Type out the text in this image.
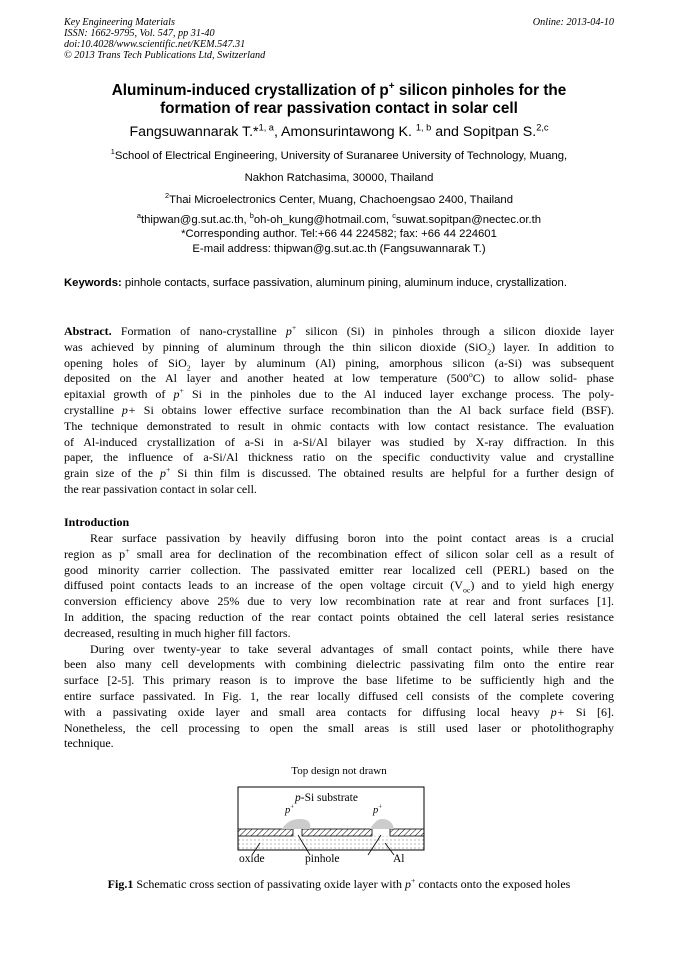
Key Engineering Materials
ISSN: 1662-9795, Vol. 547, pp 31-40
doi:10.4028/www.scientific.net/KEM.547.31
© 2013 Trans Tech Publications Ltd, Switzerland
Online: 2013-04-10
Aluminum-induced crystallization of p+ silicon pinholes for the
formation of rear passivation contact in solar cell
Fangsuwannarak T.*$^{1, a}$, Amonsurintawong K. $^{1, b}$ and Sopitpan S.$^{2,c}$
$^1$School of Electrical Engineering, University of Suranaree University of Technology, Muang,
Nakhon Ratchasima, 30000, Thailand
$^2$Thai Microelectronics Center, Muang, Chachoengsao 2400, Thailand
$^a$thipwan@g.sut.ac.th, $^b$oh-oh_kung@hotmail.com, $^c$suwat.sopitpan@nectec.or.th
*Corresponding author. Tel:+66 44 224582; fax: +66 44 224601
E-mail address: thipwan@g.sut.ac.th (Fangsuwannarak T.)
Keywords: pinhole contacts, surface passivation, aluminum pining, aluminum induce, crystallization.
Abstract. Formation of nano-crystalline p+ silicon (Si) in pinholes through a silicon dioxide layer
was achieved by pinning of aluminum through the thin silicon dioxide (SiO$_2$) layer. In addition to
opening holes of SiO$_2$ layer by aluminum (Al) pining, amorphous silicon (a-Si) was subsequent
deposited on the Al layer and another heated at low temperature (500$^o$C) to allow solid- phase
epitaxial growth of p+ Si in the pinholes due to the Al induced layer exchange process. The poly-
crystalline p+ Si obtains lower effective surface recombination than the Al back surface field (BSF).
The technique demonstrated to result in ohmic contacts with low contact resistance. The evaluation
of Al-induced crystallization of a-Si in a-Si/Al bilayer was studied by X-ray diffraction. In this
paper, the influence of a-Si/Al thickness ratio on the specific conductivity value and crystalline
grain size of the p+ Si thin film is discussed. The obtained results are helpful for a further design of
the rear passivation contact in solar cell.
Introduction
Rear surface passivation by heavily diffusing boron into the point contact areas is a crucial
region as p+ small area for declination of the recombination effect of silicon solar cell as a result of
good minority carrier collection. The passivated emitter rear localized cell (PERL) based on the
diffused point contacts leads to an increase of the open voltage circuit $(V_{oc})$ and to yield high energy
conversion efficiency above 25% due to very low recombination rate at rear and front surfaces [1].
In addition, the spacing reduction of the rear contact points obtained the cell lateral series resistance
decreased, resulting in much higher fill factors.
During over twenty-year to take several advantages of small contact points, while there have
been also many cell developments with combining dielectric passivating film onto the entire rear
surface [2-5]. This primary reason is to improve the base lifetime to be sufficiently high and the
entire surface passivated. In Fig. 1, the rear locally diffused cell consists of the complete covering
with a passivating oxide layer and small area contacts for diffusing local heavy p+ Si [6].
Nonetheless, the cell processing to open the small areas is still used laser or photolithography
technique.
Top design not drawn
p-Si substrate
p+	p+
oxide	pinhole	Al
Fig.1 Schematic cross section of passivating oxide layer with p+ contacts onto the exposed holes
